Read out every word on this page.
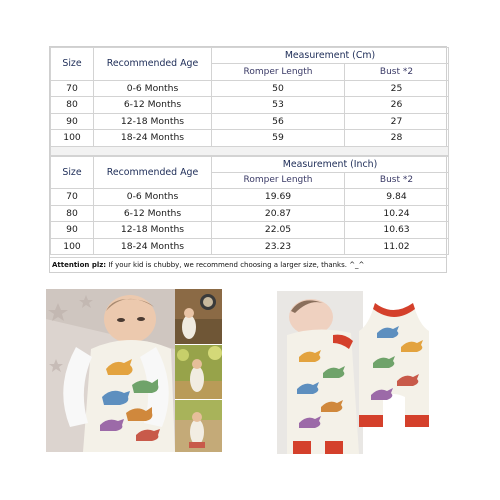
Size	Recommended Age	Measurement (Cm)	
		Romper Length	Bust *2
70	0-6 Months	50	25
80	6-12 Months	53	26
90	12-18 Months	56	27
100	18-24 Months	59	28

Size	Recommended Age	Measurement (Inch)	
		Romper Length	Bust *2
70	0-6 Months	19.69	9.84
80	6-12 Months	20.87	10.24
90	12-18 Months	22.05	10.63
100	18-24 Months	23.23	11.02
Attention plz: If your kid is chubby, we recommend choosing a larger size, thanks. ^_^
